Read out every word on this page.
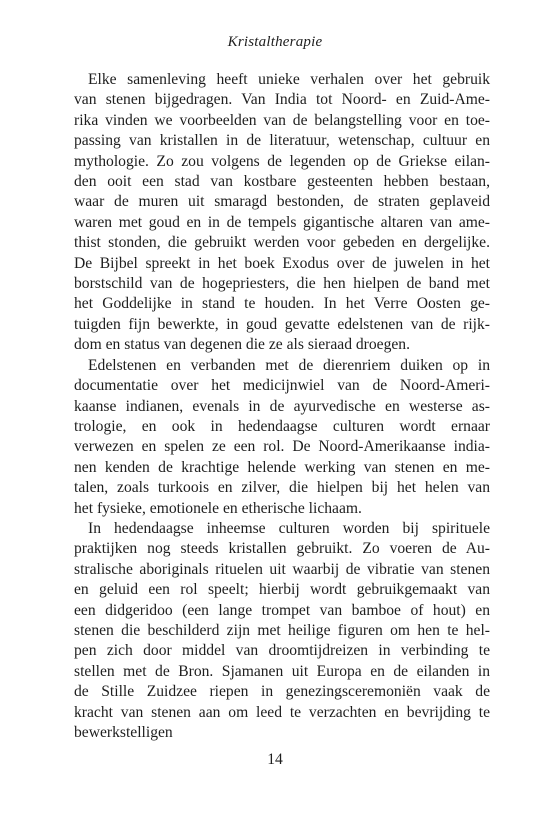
Kristaltherapie
Elke samenleving heeft unieke verhalen over het gebruik
van stenen bijgedragen. Van India tot Noord- en Zuid-Ame-
rika vinden we voorbeelden van de belangstelling voor en toe-
passing van kristallen in de literatuur, wetenschap, cultuur en
mythologie. Zo zou volgens de legenden op de Griekse eilan-
den ooit een stad van kostbare gesteenten hebben bestaan,
waar de muren uit smaragd bestonden, de straten geplaveid
waren met goud en in de tempels gigantische altaren van ame-
thist stonden, die gebruikt werden voor gebeden en dergelijke.
De Bijbel spreekt in het boek Exodus over de juwelen in het
borstschild van de hogepriesters, die hen hielpen de band met
het Goddelijke in stand te houden. In het Verre Oosten ge-
tuigden fijn bewerkte, in goud gevatte edelstenen van de rijk-
dom en status van degenen die ze als sieraad droegen.
Edelstenen en verbanden met de dierenriem duiken op in
documentatie over het medicijnwiel van de Noord-Ameri-
kaanse indianen, evenals in de ayurvedische en westerse as-
trologie, en ook in hedendaagse culturen wordt ernaar
verwezen en spelen ze een rol. De Noord-Amerikaanse india-
nen kenden de krachtige helende werking van stenen en me-
talen, zoals turkoois en zilver, die hielpen bij het helen van
het fysieke, emotionele en etherische lichaam.
In hedendaagse inheemse culturen worden bij spirituele
praktijken nog steeds kristallen gebruikt. Zo voeren de Au-
stralische aboriginals rituelen uit waarbij de vibratie van stenen
en geluid een rol speelt; hierbij wordt gebruikgemaakt van
een didgeridoo (een lange trompet van bamboe of hout) en
stenen die beschilderd zijn met heilige figuren om hen te hel-
pen zich door middel van droomtijdreizen in verbinding te
stellen met de Bron. Sjamanen uit Europa en de eilanden in
de Stille Zuidzee riepen in genezingsceremoniën vaak de
kracht van stenen aan om leed te verzachten en bevrijding te
bewerkstelligen
14
